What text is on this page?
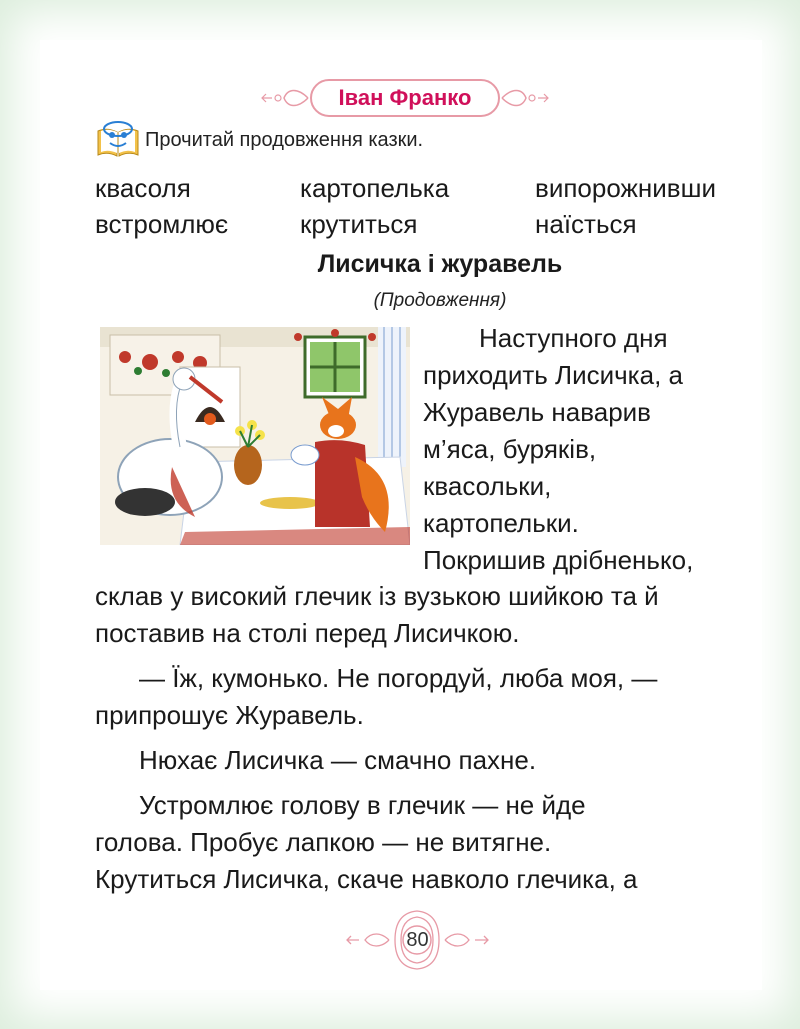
Іван Франко
Прочитай продовження казки.
квасоля	картопелька	випорожнивши
встромлює	крутиться	наїсться
Лисичка і журавель
(Продовження)
Наступного дня
приходить Лисичка, а
Журавель наварив
м’яса, буряків,
квасольки,
картопельки.
Покришив дрібненько,
склав у високий глечик із вузькою шийкою та й
поставив на столі перед Лисичкою.
— Їж, кумонько. Не погордуй, люба моя, —
припрошує Журавель.
Нюхає Лисичка — смачно пахне.
Устромлює голову в глечик — не йде
голова. Пробує лапкою — не витягне.
Крутиться Лисичка, скаче навколо глечика, а
80
